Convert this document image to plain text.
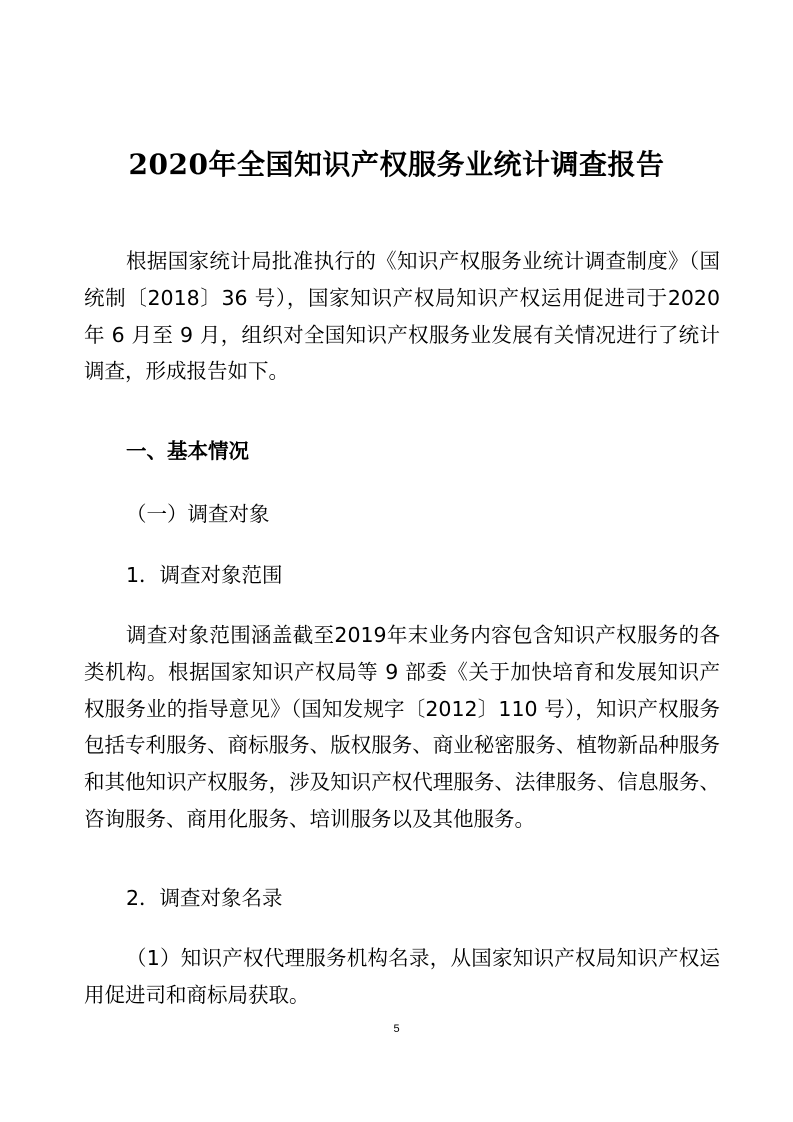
2020年全国知识产权服务业统计调查报告
根据国家统计局批准执行的《知识产权服务业统计调查制度》（国统制〔2018〕36 号），国家知识产权局知识产权运用促进司于2020 年 6 月至 9 月，组织对全国知识产权服务业发展有关情况进行了统计调查，形成报告如下。
一、基本情况
（一）调查对象
1．调查对象范围
调查对象范围涵盖截至2019年末业务内容包含知识产权服务的各类机构。根据国家知识产权局等 9 部委《关于加快培育和发展知识产权服务业的指导意见》（国知发规字〔2012〕110 号），知识产权服务包括专利服务、商标服务、版权服务、商业秘密服务、植物新品种服务和其他知识产权服务，涉及知识产权代理服务、法律服务、信息服务、咨询服务、商用化服务、培训服务以及其他服务。
2．调查对象名录
（1）知识产权代理服务机构名录，从国家知识产权局知识产权运用促进司和商标局获取。
5
